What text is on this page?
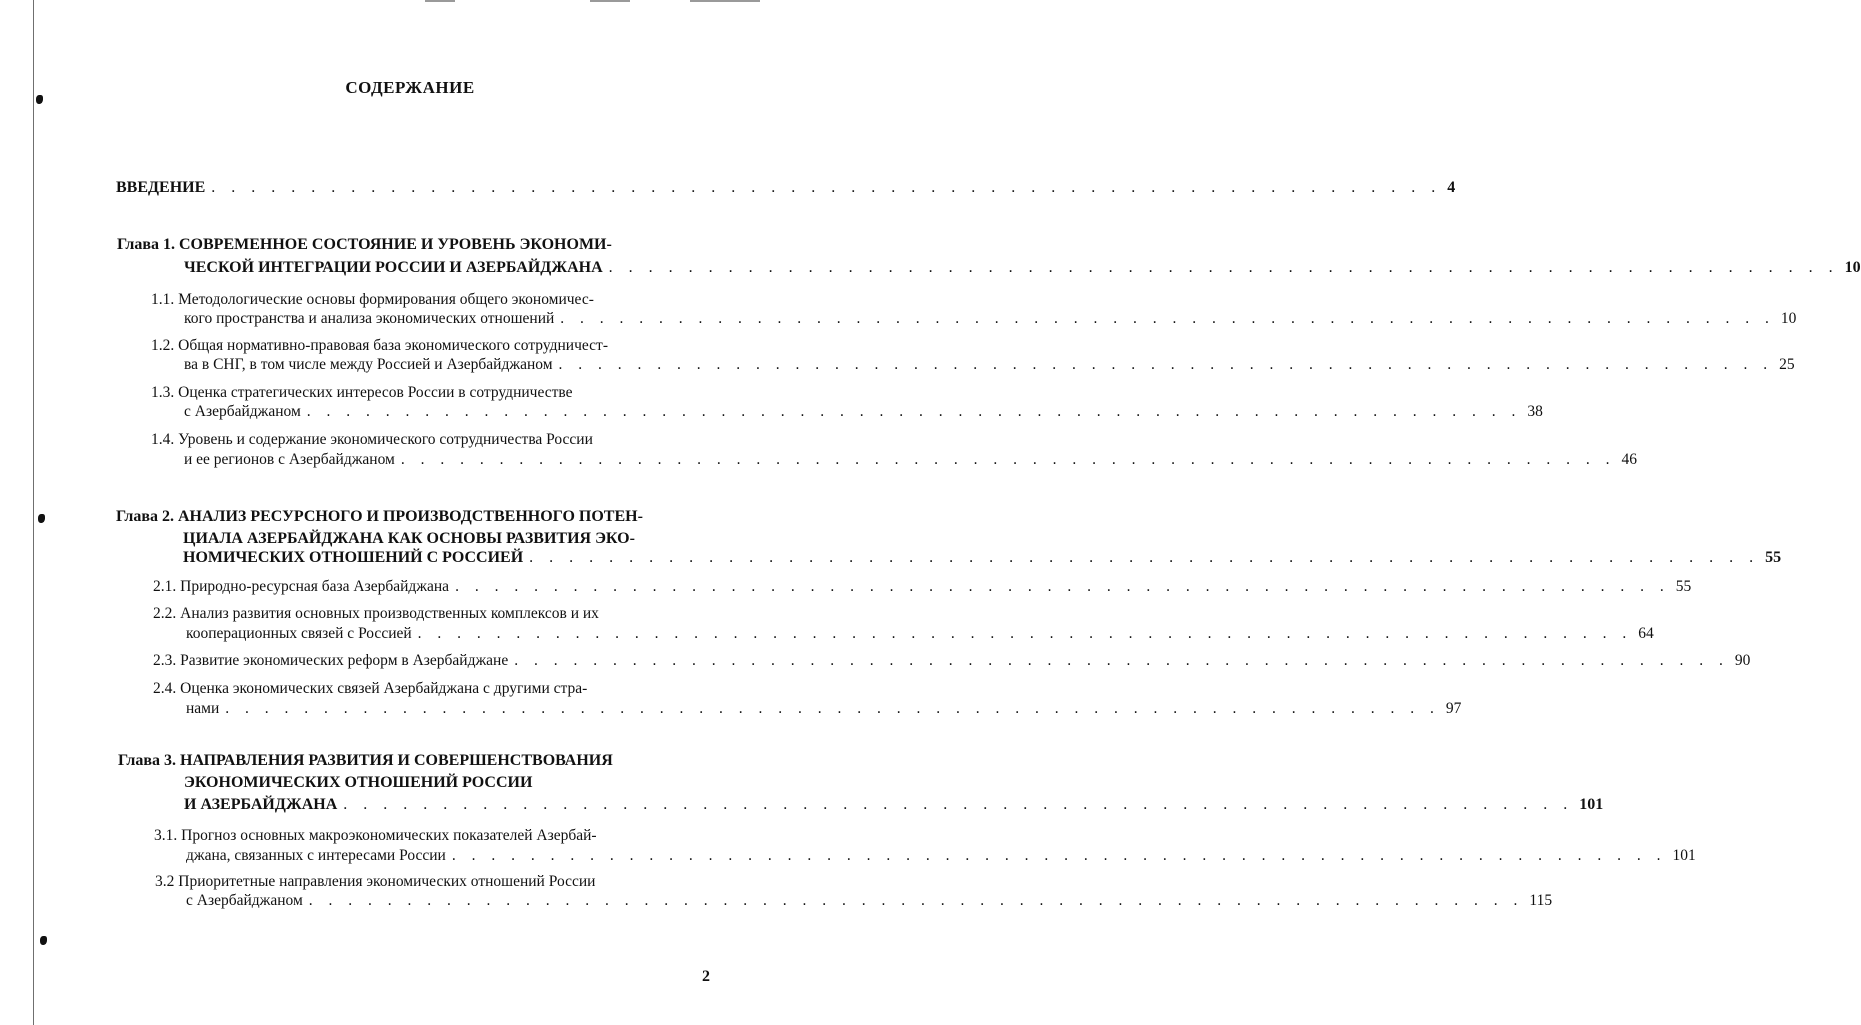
СОДЕРЖАНИЕ
ВВЕДЕНИЕ . . . . . . . . . . . . . . . . . . . . . . . . . . . . . . . . . . . . . . . . . . . . . . . . . . . . . . . . . . . . . . 4
Глава 1. СОВРЕМЕННОЕ СОСТОЯНИЕ И УРОВЕНЬ ЭКОНОМИ-
ЧЕСКОЙ ИНТЕГРАЦИИ РОССИИ И АЗЕРБАЙДЖАНА . . . . . . . . . . . . . . . . . . . . . . . . . . . . . . . . . . . . . . . . . . . . . . . . . . . . . . . . . . . . . . 10
1.1. Методологические основы формирования общего экономичес-
кого пространства и анализа экономических отношений . . . . . . . . . . . . . . . . . . . . . . . . . . . . . . . . . . . . . . . . . . . . . . . . . . . . . . . . . . . . . . 10
1.2. Общая нормативно-правовая база экономического сотрудничест-
ва в СНГ, в том числе между Россией и Азербайджаном . . . . . . . . . . . . . . . . . . . . . . . . . . . . . . . . . . . . . . . . . . . . . . . . . . . . . . . . . . . . . . 25
1.3. Оценка стратегических интересов России в сотрудничестве
с Азербайджаном . . . . . . . . . . . . . . . . . . . . . . . . . . . . . . . . . . . . . . . . . . . . . . . . . . . . . . . . . . . . . . 38
1.4. Уровень и содержание экономического сотрудничества России
и ее регионов с Азербайджаном . . . . . . . . . . . . . . . . . . . . . . . . . . . . . . . . . . . . . . . . . . . . . . . . . . . . . . . . . . . . . . 46
Глава 2. АНАЛИЗ РЕСУРСНОГО И ПРОИЗВОДСТВЕННОГО ПОТЕН-
ЦИАЛА АЗЕРБАЙДЖАНА КАК ОСНОВЫ РАЗВИТИЯ ЭКО-
НОМИЧЕСКИХ ОТНОШЕНИЙ С РОССИЕЙ . . . . . . . . . . . . . . . . . . . . . . . . . . . . . . . . . . . . . . . . . . . . . . . . . . . . . . . . . . . . . . 55
2.1. Природно-ресурсная база Азербайджана . . . . . . . . . . . . . . . . . . . . . . . . . . . . . . . . . . . . . . . . . . . . . . . . . . . . . . . . . . . . . . 55
2.2. Анализ развития основных производственных комплексов и их
кооперационных связей с Россией . . . . . . . . . . . . . . . . . . . . . . . . . . . . . . . . . . . . . . . . . . . . . . . . . . . . . . . . . . . . . . 64
2.3. Развитие экономических реформ в Азербайджане . . . . . . . . . . . . . . . . . . . . . . . . . . . . . . . . . . . . . . . . . . . . . . . . . . . . . . . . . . . . . . 90
2.4. Оценка экономических связей Азербайджана с другими стра-
нами . . . . . . . . . . . . . . . . . . . . . . . . . . . . . . . . . . . . . . . . . . . . . . . . . . . . . . . . . . . . . . 97
Глава 3. НАПРАВЛЕНИЯ РАЗВИТИЯ И СОВЕРШЕНСТВОВАНИЯ
ЭКОНОМИЧЕСКИХ ОТНОШЕНИЙ РОССИИ
И АЗЕРБАЙДЖАНА . . . . . . . . . . . . . . . . . . . . . . . . . . . . . . . . . . . . . . . . . . . . . . . . . . . . . . . . . . . . . . 101
3.1. Прогноз основных макроэкономических показателей Азербай-
джана, связанных с интересами России . . . . . . . . . . . . . . . . . . . . . . . . . . . . . . . . . . . . . . . . . . . . . . . . . . . . . . . . . . . . . . 101
3.2 Приоритетные направления экономических отношений России
с Азербайджаном . . . . . . . . . . . . . . . . . . . . . . . . . . . . . . . . . . . . . . . . . . . . . . . . . . . . . . . . . . . . . . 115
2
